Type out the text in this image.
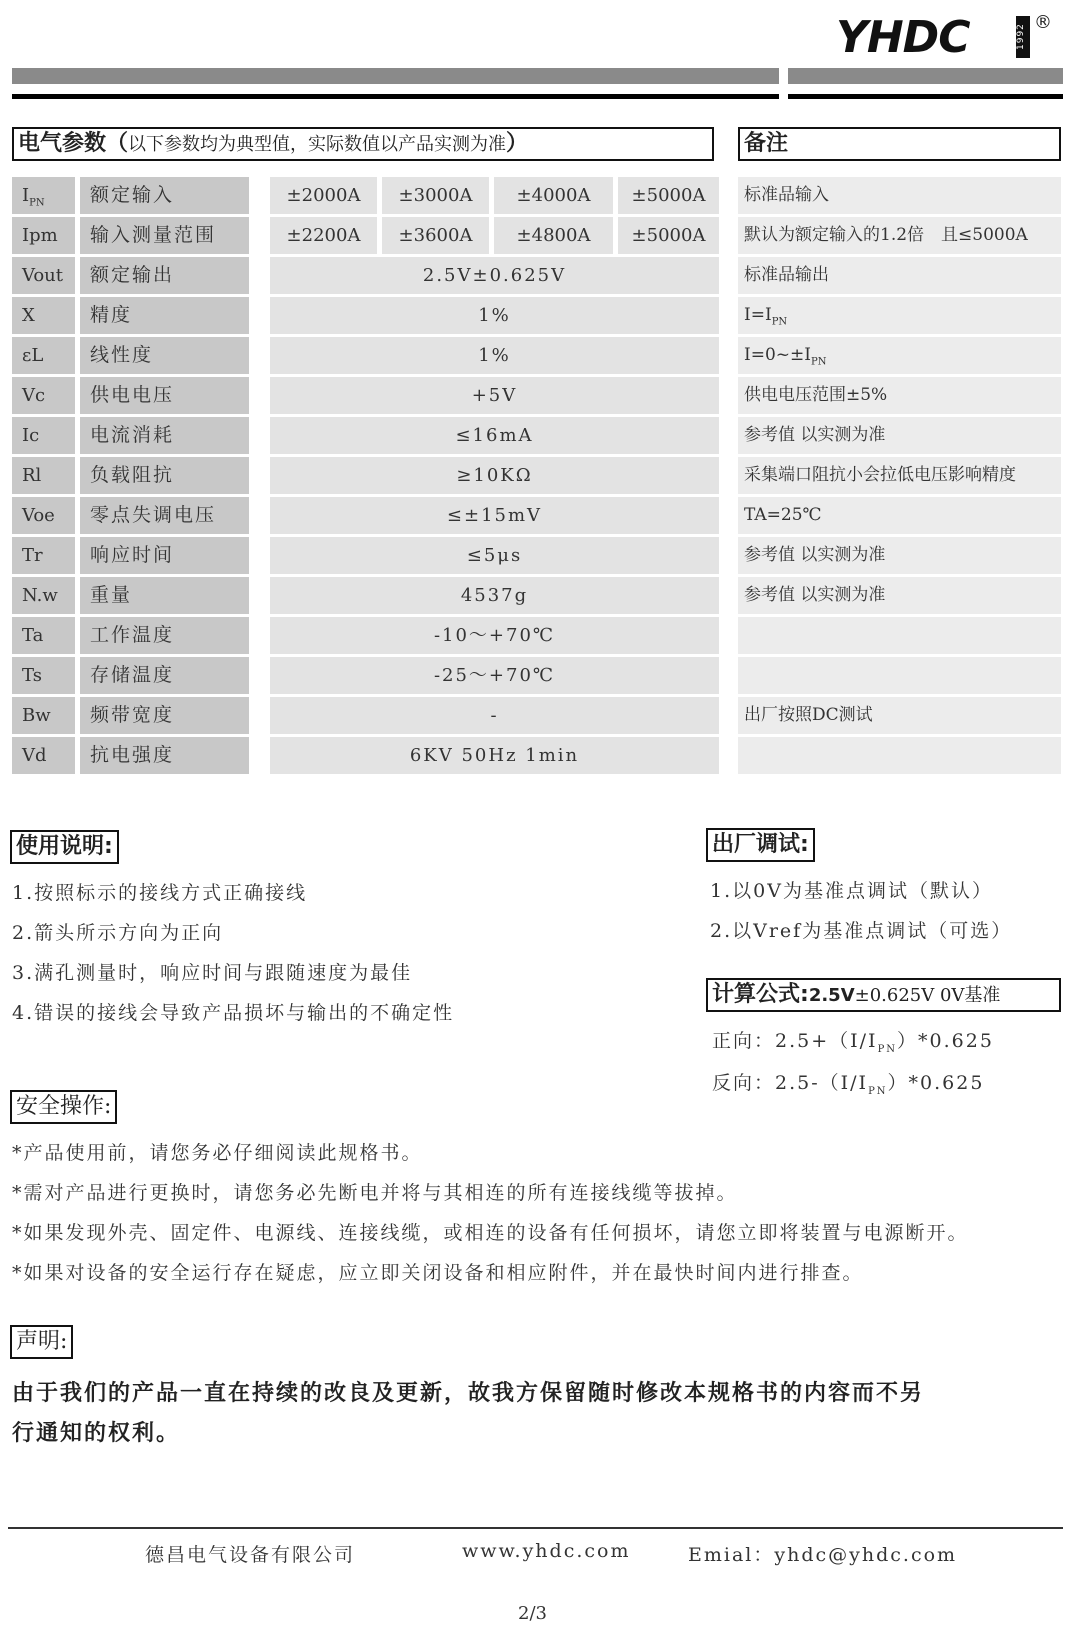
YHDC	1992
®
电气参数（以下参数均为典型值，实际数值以产品实测为准）	备注
$I_{PN}$	额定输入	±2000A	±3000A	±4000A	±5000A	标准品输入
Ipm	输入测量范围	±2200A	±3600A	±4800A	±5000A	默认为额定输入的1.2倍　且≤5000A
Vout	额定输出	2.5V±0.625V	标准品输出
X	精度	1%	$I=I_{PN}$
εL	线性度	1%	$I=0\sim\pm I_{PN}$
Vc	供电电压	+5V	供电电压范围±5%
Ic	电流消耗	≤16mA	参考值 以实测为准
Rl	负载阻抗	≥10KΩ	采集端口阻抗小会拉低电压影响精度
Voe	零点失调电压	≤±15mV	TA=25℃
Tr	响应时间	≤5μs	参考值 以实测为准
N.w	重量	4537g	参考值 以实测为准
Ta	工作温度	-10～+70℃
Ts	存储温度	-25～+70℃
Bw	频带宽度	-	出厂按照DC测试
Vd	抗电强度	6KV 50Hz 1min
使用说明:
1.按照标示的接线方式正确接线
2.箭头所示方向为正向
3.满孔测量时，响应时间与跟随速度为最佳
4.错误的接线会导致产品损坏与输出的不确定性
出厂调试:
1.以0V为基准点调试（默认）
2.以Vref为基准点调试（可选）
计算公式:2.5V±0.625V 0V基准
正向：$2.5+(I/I_{PN})*0.625$
反向：$2.5-(I/I_{PN})*0.625$
安全操作:
*产品使用前，请您务必仔细阅读此规格书。
*需对产品进行更换时，请您务必先断电并将与其相连的所有连接线缆等拔掉。
*如果发现外壳、固定件、电源线、连接线缆，或相连的设备有任何损坏，请您立即将装置与电源断开。
*如果对设备的安全运行存在疑虑，应立即关闭设备和相应附件，并在最快时间内进行排查。
声明:
由于我们的产品一直在持续的改良及更新，故我方保留随时修改本规格书的内容而不另
行通知的权利。
德昌电气设备有限公司	www.yhdc.com	Emial：yhdc@yhdc.com
2/3
